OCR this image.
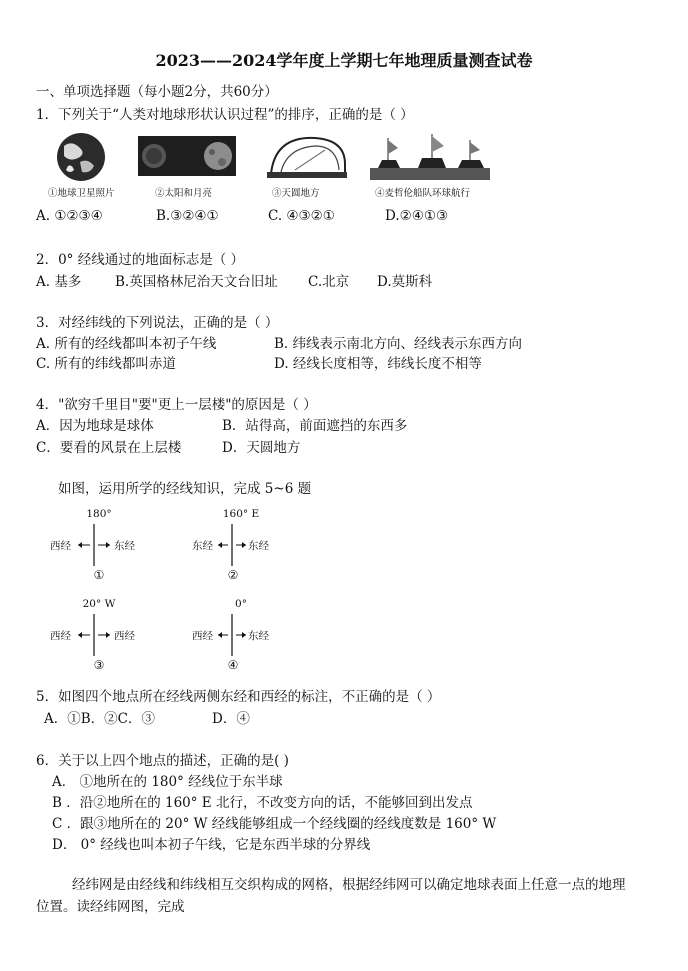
2023——2024学年度上学期七年地理质量测查试卷
一、单项选择题（每小题2分，共60分）
1．下列关于“人类对地球形状认识过程”的排序，正确的是（ ）
①地球卫星照片	②太阳和月亮	③天圆地方	④麦哲伦船队环球航行
A. ①②③④	B.③②④①	C. ④③②①	D.②④①③
2．0° 经线通过的地面标志是（ ）
A. 基多 B.英国格林尼治天文台旧址 C.北京 D.莫斯科
3．对经纬线的下列说法，正确的是（ ）
A. 所有的经线都叫本初子午线	B. 纬线表示南北方向、经线表示东西方向
C. 所有的纬线都叫赤道	D. 经线长度相等，纬线长度不相等
4．"欲穷千里目"要"更上一层楼"的原因是（ ）
A．因为地球是球体	B．站得高，前面遮挡的东西多
C．要看的风景在上层楼	D．天圆地方
如图，运用所学的经线知识，完成 5~6 题
180°
西经	东经
①
160° E
东经	东经
②
20° W
西经	西经
③
0°
西经	东经
④
5．如图四个地点所在经线两侧东经和西经的标注，不正确的是（ ）
A．①B．②C．③	D．④
6．关于以上四个地点的描述，正确的是( )
A． ①地所在的 180° 经线位于东半球
B ．沿②地所在的 160° E 北行，不改变方向的话，不能够回到出发点
C ．跟③地所在的 20° W 经线能够组成一个经线圈的经线度数是 160° W
D． 0° 经线也叫本初子午线，它是东西半球的分界线
经纬网是由经线和纬线相互交织构成的网格，根据经纬网可以确定地球表面上任意一点的地理
位置。读经纬网图，完成
